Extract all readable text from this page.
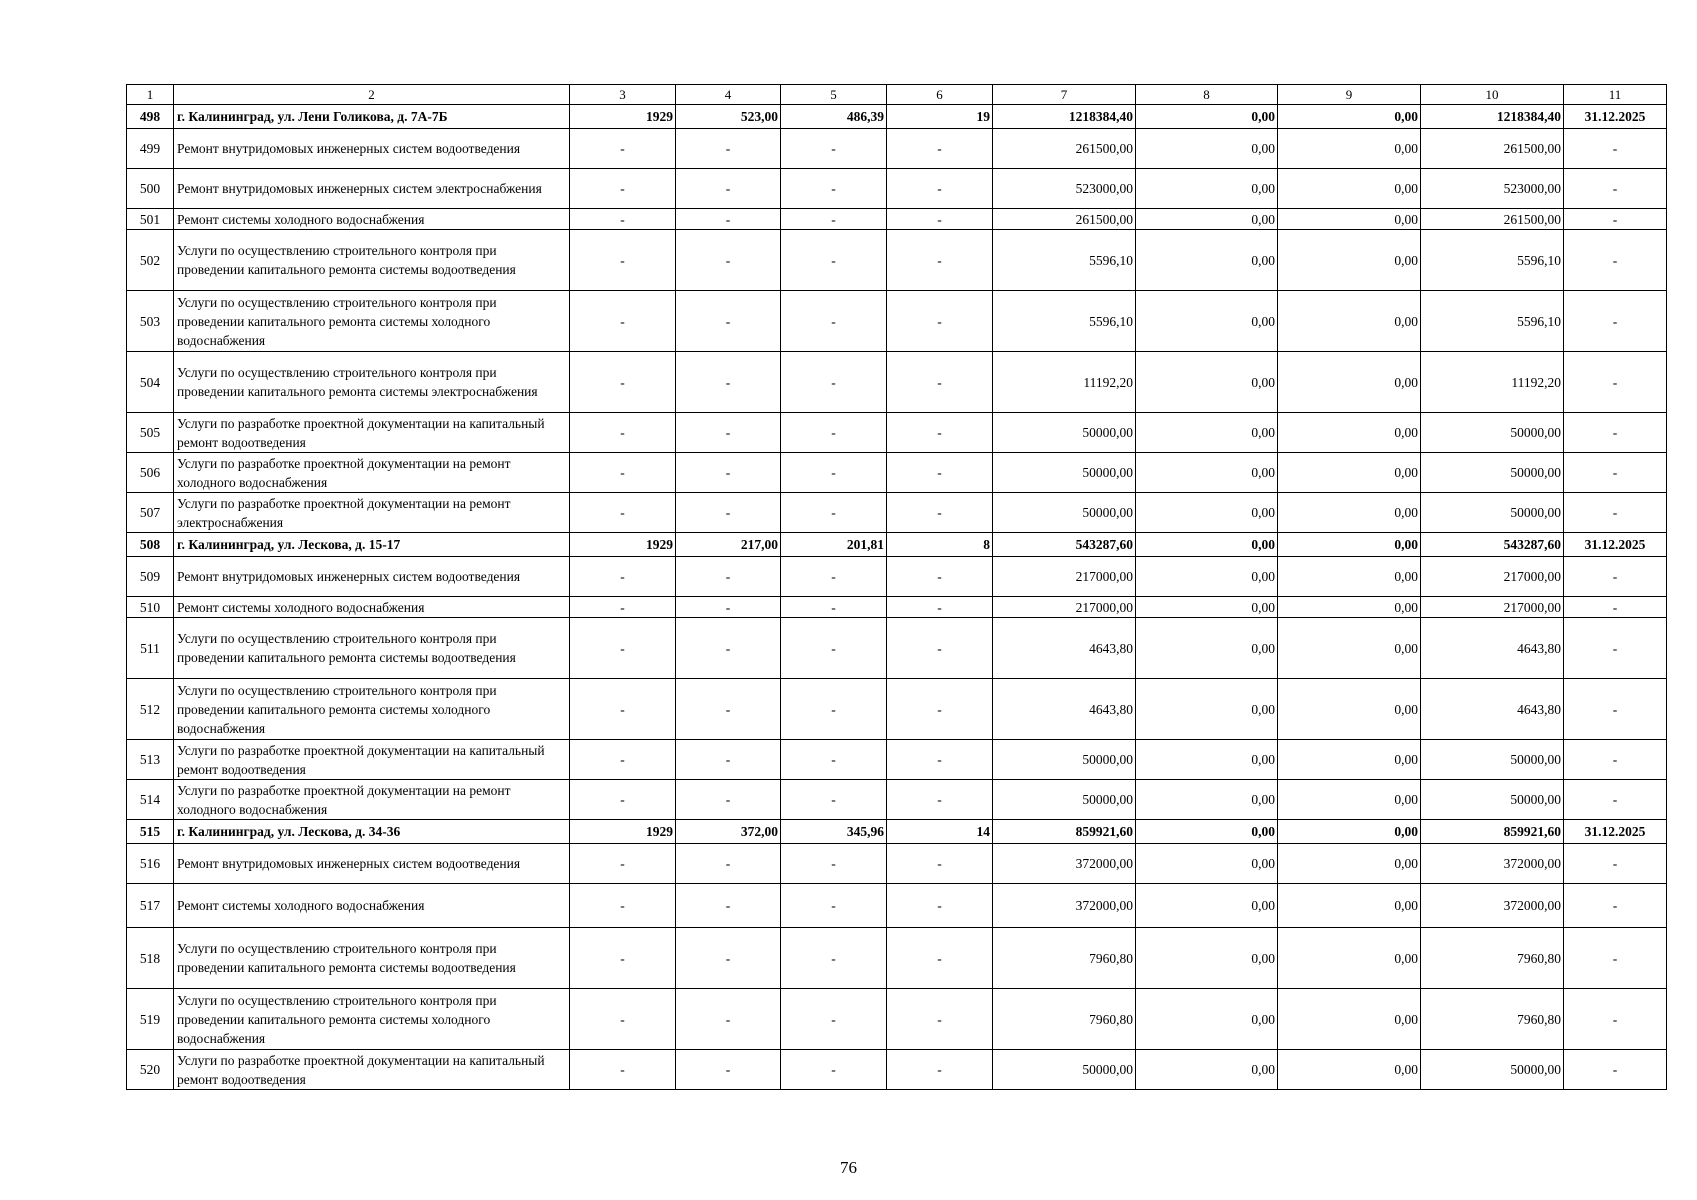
1	2	3	4	5	6	7	8	9	10	11
498	г. Калининград, ул. Лени Голикова, д. 7А-7Б	1929	523,00	486,39	19	1218384,40	0,00	0,00	1218384,40	31.12.2025
499	Ремонт внутридомовых инженерных систем водоотведения	-	-	-	-	261500,00	0,00	0,00	261500,00	-
500	Ремонт внутридомовых инженерных систем электроснабжения	-	-	-	-	523000,00	0,00	0,00	523000,00	-
501	Ремонт системы холодного водоснабжения	-	-	-	-	261500,00	0,00	0,00	261500,00	-
502	Услуги по осуществлению строительного контроля при проведении капитального ремонта системы водоотведения	-	-	-	-	5596,10	0,00	0,00	5596,10	-
503	Услуги по осуществлению строительного контроля при проведении капитального ремонта системы холодного водоснабжения	-	-	-	-	5596,10	0,00	0,00	5596,10	-
504	Услуги по осуществлению строительного контроля при проведении капитального ремонта системы электроснабжения	-	-	-	-	11192,20	0,00	0,00	11192,20	-
505	Услуги по разработке проектной документации на капитальный ремонт водоотведения	-	-	-	-	50000,00	0,00	0,00	50000,00	-
506	Услуги по разработке проектной документации на ремонт холодного водоснабжения	-	-	-	-	50000,00	0,00	0,00	50000,00	-
507	Услуги по разработке проектной документации на ремонт электроснабжения	-	-	-	-	50000,00	0,00	0,00	50000,00	-
508	г. Калининград, ул. Лескова, д. 15-17	1929	217,00	201,81	8	543287,60	0,00	0,00	543287,60	31.12.2025
509	Ремонт внутридомовых инженерных систем водоотведения	-	-	-	-	217000,00	0,00	0,00	217000,00	-
510	Ремонт системы холодного водоснабжения	-	-	-	-	217000,00	0,00	0,00	217000,00	-
511	Услуги по осуществлению строительного контроля при проведении капитального ремонта системы водоотведения	-	-	-	-	4643,80	0,00	0,00	4643,80	-
512	Услуги по осуществлению строительного контроля при проведении капитального ремонта системы холодного водоснабжения	-	-	-	-	4643,80	0,00	0,00	4643,80	-
513	Услуги по разработке проектной документации на капитальный ремонт водоотведения	-	-	-	-	50000,00	0,00	0,00	50000,00	-
514	Услуги по разработке проектной документации на ремонт холодного водоснабжения	-	-	-	-	50000,00	0,00	0,00	50000,00	-
515	г. Калининград, ул. Лескова, д. 34-36	1929	372,00	345,96	14	859921,60	0,00	0,00	859921,60	31.12.2025
516	Ремонт внутридомовых инженерных систем водоотведения	-	-	-	-	372000,00	0,00	0,00	372000,00	-
517	Ремонт системы холодного водоснабжения	-	-	-	-	372000,00	0,00	0,00	372000,00	-
518	Услуги по осуществлению строительного контроля при проведении капитального ремонта системы водоотведения	-	-	-	-	7960,80	0,00	0,00	7960,80	-
519	Услуги по осуществлению строительного контроля при проведении капитального ремонта системы холодного водоснабжения	-	-	-	-	7960,80	0,00	0,00	7960,80	-
520	Услуги по разработке проектной документации на капитальный ремонт водоотведения	-	-	-	-	50000,00	0,00	0,00	50000,00	-
76
